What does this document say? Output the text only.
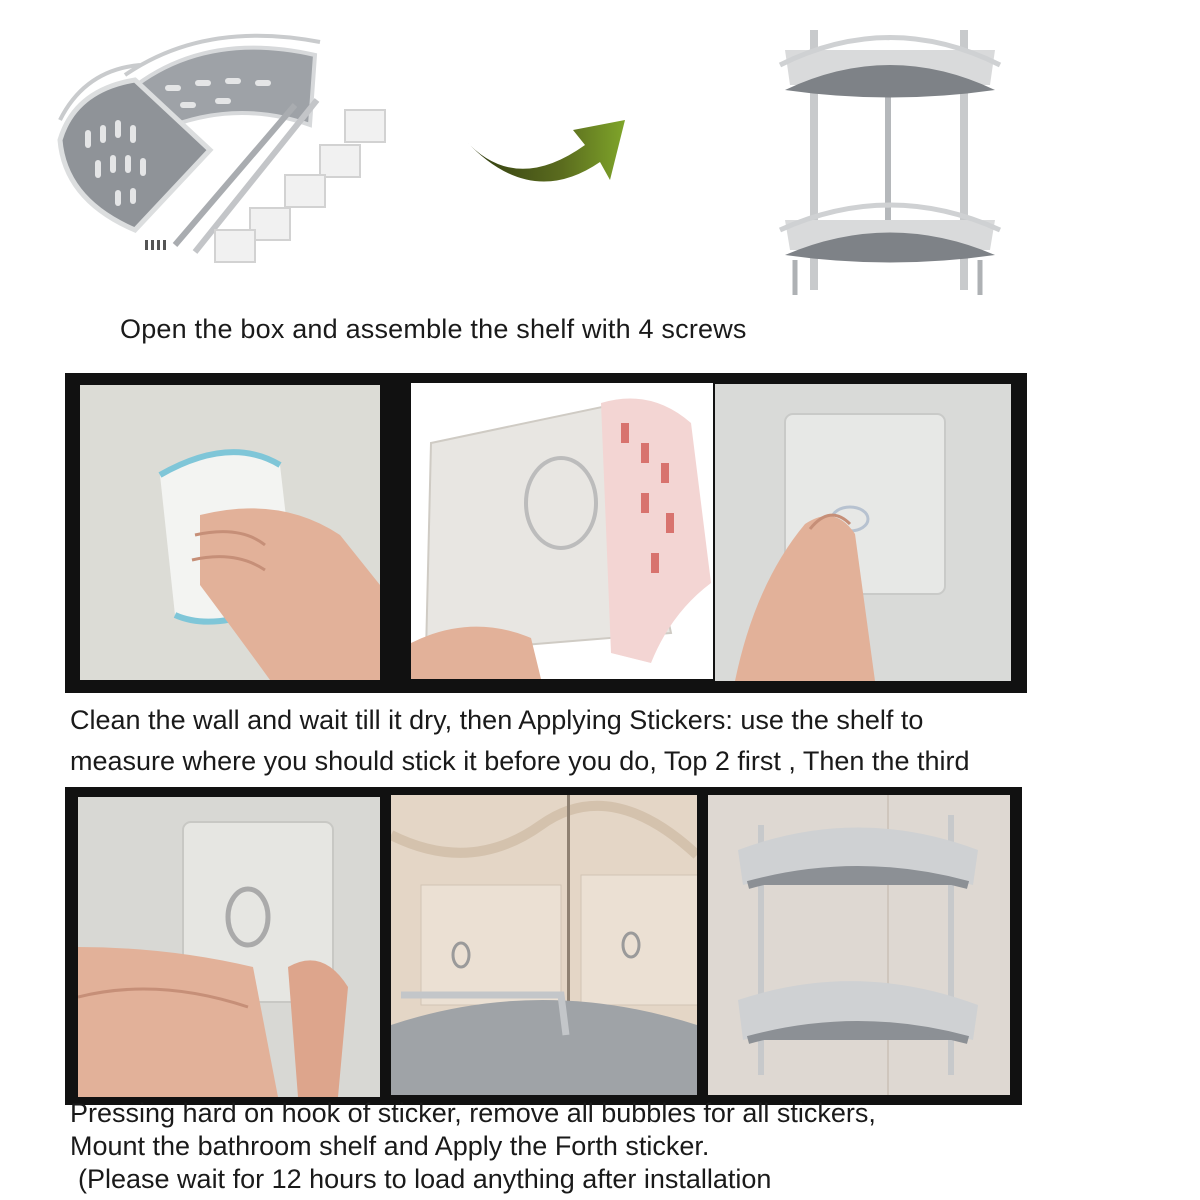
Open the box and assemble the shelf with 4 screws
Clean the wall and wait till it dry, then Applying Stickers: use the shelf to
measure where you should stick it before you do, Top 2 first , Then the third
Pressing hard on hook of sticker, remove all bubbles for all stickers,
Mount the bathroom shelf and Apply the Forth sticker.
(Please wait for 12 hours to load anything after installation
